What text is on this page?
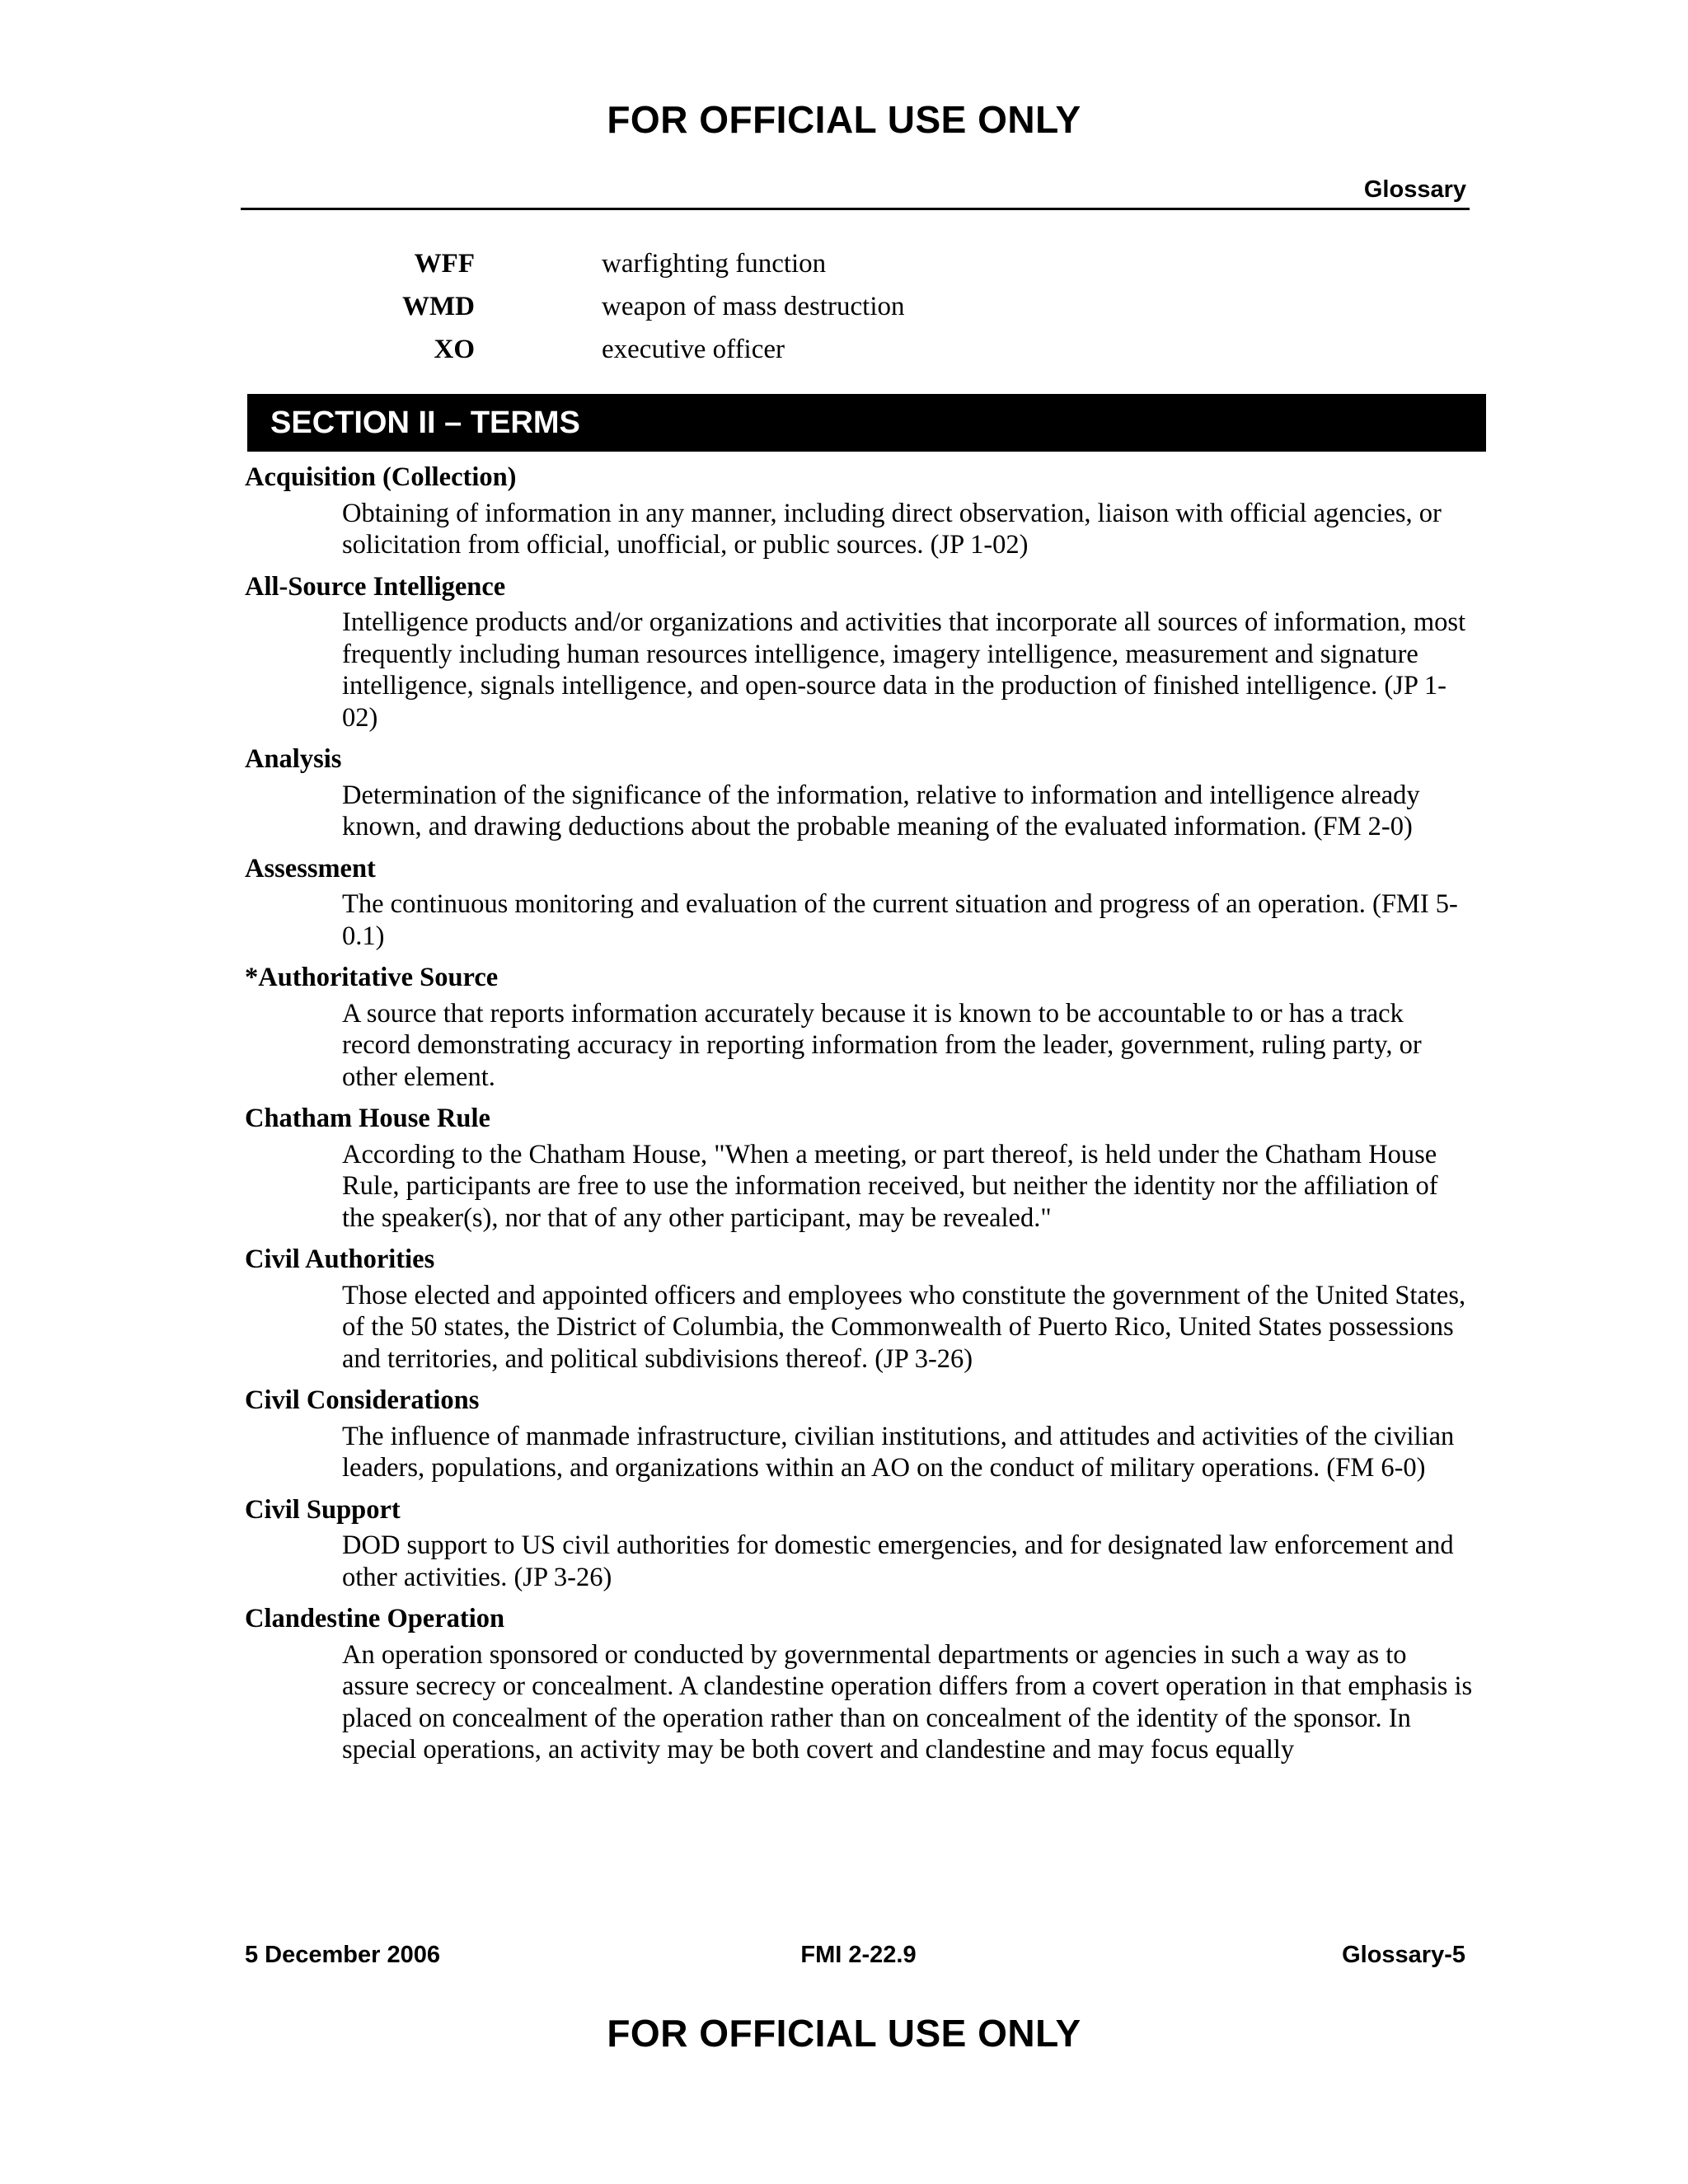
FOR OFFICIAL USE ONLY
Glossary
WFF	warfighting function
WMD	weapon of mass destruction
XO	executive officer
SECTION II – TERMS

Acquisition (Collection)

Obtaining of information in any manner, including direct observation, liaison with official agencies, or solicitation from official, unofficial, or public sources. (JP 1-02)

All-Source Intelligence

Intelligence products and/or organizations and activities that incorporate all sources of information, most frequently including human resources intelligence, imagery intelligence, measurement and signature intelligence, signals intelligence, and open-source data in the production of finished intelligence. (JP 1-02)

Analysis

Determination of the significance of the information, relative to information and intelligence already known, and drawing deductions about the probable meaning of the evaluated information. (FM 2-0)

Assessment

The continuous monitoring and evaluation of the current situation and progress of an operation. (FMI 5-0.1)

*Authoritative Source

A source that reports information accurately because it is known to be accountable to or has a track record demonstrating accuracy in reporting information from the leader, government, ruling party, or other element.

Chatham House Rule

According to the Chatham House, "When a meeting, or part thereof, is held under the Chatham House Rule, participants are free to use the information received, but neither the identity nor the affiliation of the speaker(s), nor that of any other participant, may be revealed."

Civil Authorities

Those elected and appointed officers and employees who constitute the government of the United States, of the 50 states, the District of Columbia, the Commonwealth of Puerto Rico, United States possessions and territories, and political subdivisions thereof. (JP 3-26)

Civil Considerations

The influence of manmade infrastructure, civilian institutions, and attitudes and activities of the civilian leaders, populations, and organizations within an AO on the conduct of military operations. (FM 6-0)

Civil Support

DOD support to US civil authorities for domestic emergencies, and for designated law enforcement and other activities. (JP 3-26)

Clandestine Operation

An operation sponsored or conducted by governmental departments or agencies in such a way as to assure secrecy or concealment. A clandestine operation differs from a covert operation in that emphasis is placed on concealment of the operation rather than on concealment of the identity of the sponsor. In special operations, an activity may be both covert and clandestine and may focus equally

5 December 2006	FMI 2-22.9	Glossary-5
FOR OFFICIAL USE ONLY
